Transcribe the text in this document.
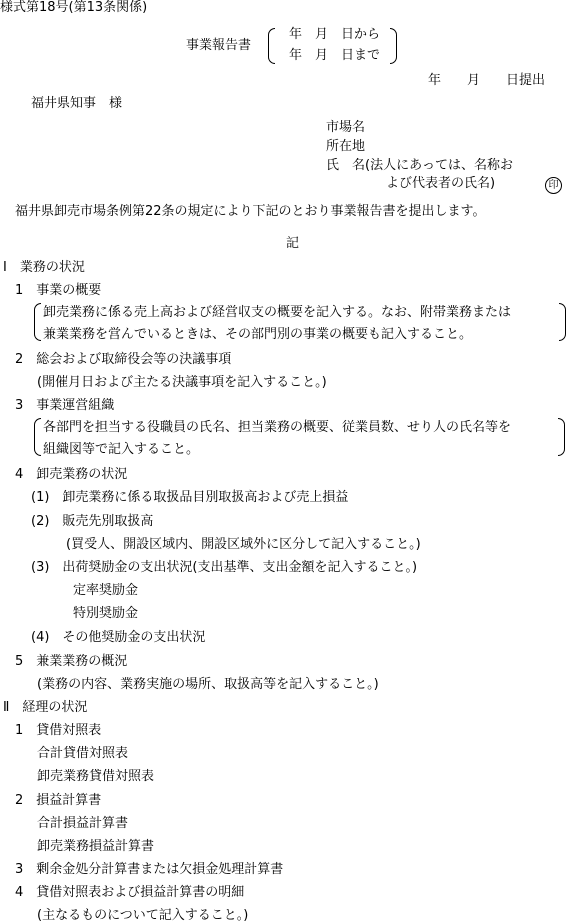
様式第18号(第13条関係)
事業報告書
年　月　日から
年　月　日まで
年　　月　　日提出
福井県知事　様
市場名
所在地
氏　名(法人にあっては、名称お
よび代表者の氏名)	印
福井県卸売市場条例第22条の規定により下記のとおり事業報告書を提出します。
記
Ⅰ　業務の状況
1　事業の概要
卸売業務に係る売上高および経営収支の概要を記入する。なお、附帯業務または
兼業業務を営んでいるときは、その部門別の事業の概要も記入すること。
2　総会および取締役会等の決議事項
(開催月日および主たる決議事項を記入すること。)
3　事業運営組織
各部門を担当する役職員の氏名、担当業務の概要、従業員数、せり人の氏名等を
組織図等で記入すること。
4　卸売業務の状況
(1)　卸売業務に係る取扱品目別取扱高および売上損益
(2)　販売先別取扱高
(買受人、開設区域内、開設区域外に区分して記入すること。)
(3)　出荷奨励金の支出状況(支出基準、支出金額を記入すること。)
定率奨励金
特別奨励金
(4)　その他奨励金の支出状況
5　兼業業務の概況
(業務の内容、業務実施の場所、取扱高等を記入すること。)
Ⅱ　経理の状況
1　貸借対照表
合計貸借対照表
卸売業務貸借対照表
2　損益計算書
合計損益計算書
卸売業務損益計算書
3　剰余金処分計算書または欠損金処理計算書
4　貸借対照表および損益計算書の明細
(主なるものについて記入すること。)
